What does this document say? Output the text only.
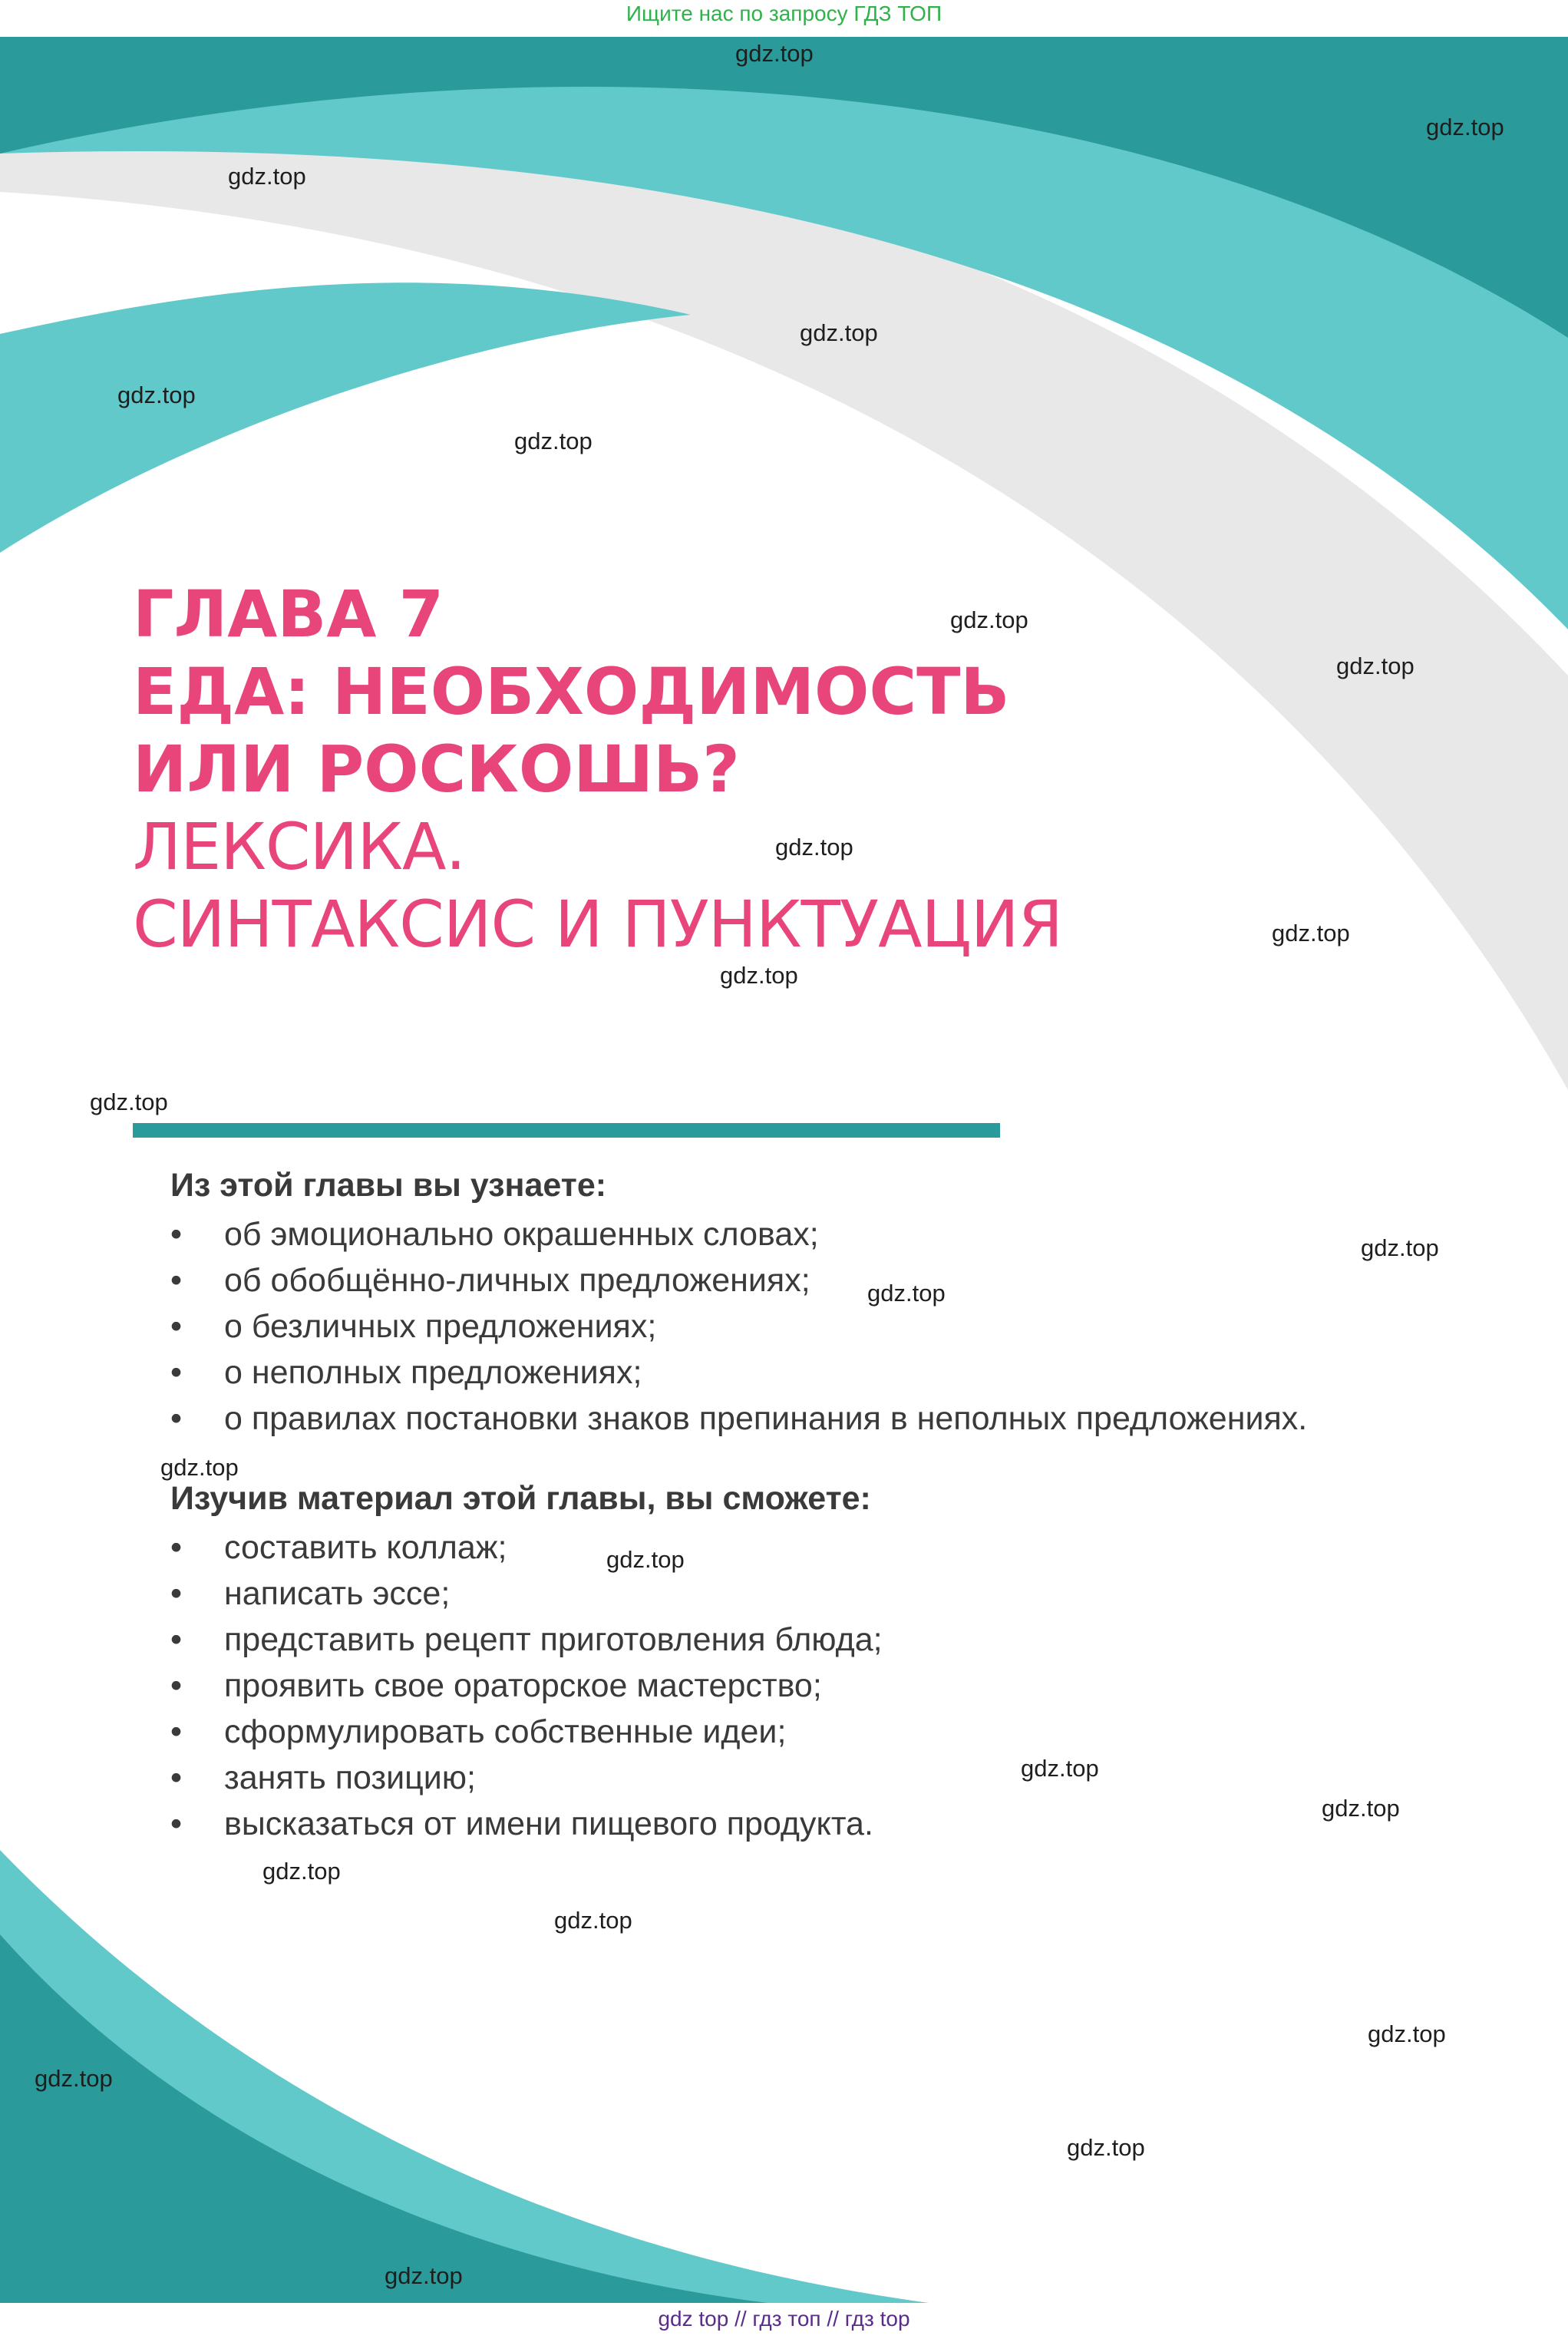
Ищите нас по запросу ГДЗ ТОП
gdz.top
gdz.top
gdz.top
gdz.top
gdz.top
gdz.top
gdz.top
gdz.top
gdz.top
gdz.top
gdz.top
gdz.top
gdz.top
gdz.top
gdz.top
gdz.top
gdz.top
gdz.top
gdz.top
gdz.top
gdz.top
gdz.top
gdz.top
gdz.top
ГЛАВА 7
ЕДА: НЕОБХОДИМОСТЬ
ИЛИ РОСКОШЬ?
ЛЕКСИКА.
СИНТАКСИС И ПУНКТУАЦИЯ
Из этой главы вы узнаете:
• об эмоционально окрашенных словах;
• об обобщённо-личных предложениях;
• о безличных предложениях;
• о неполных предложениях;
• о правилах постановки знаков препинания в неполных предложениях.
Изучив материал этой главы, вы сможете:
• составить коллаж;
• написать эссе;
• представить рецепт приготовления блюда;
• проявить свое ораторское мастерство;
• сформулировать собственные идеи;
• занять позицию;
• высказаться от имени пищевого продукта.
gdz top // гдз топ // гдз top
